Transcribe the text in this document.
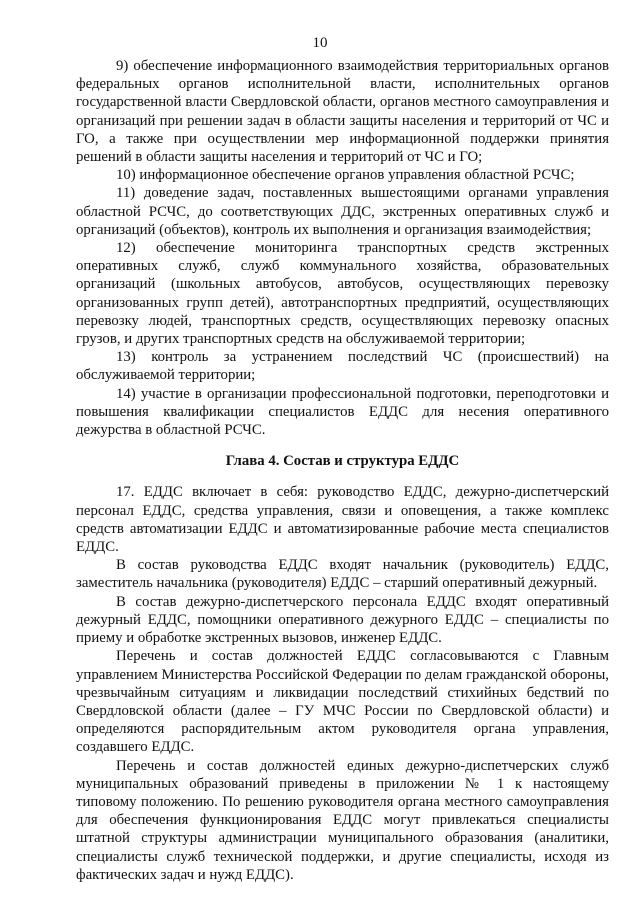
10

9) обеспечение информационного взаимодействия территориальных органов федеральных органов исполнительной власти, исполнительных органов государственной власти Свердловской области, органов местного самоуправления и организаций при решении задач в области защиты населения и территорий от ЧС и ГО, а также при осуществлении мер информационной поддержки принятия решений в области защиты населения и территорий от ЧС и ГО;

10) информационное обеспечение органов управления областной РСЧС;

11) доведение задач, поставленных вышестоящими органами управления областной РСЧС, до соответствующих ДДС, экстренных оперативных служб и организаций (объектов), контроль их выполнения и организация взаимодействия;

12) обеспечение мониторинга транспортных средств экстренных оперативных служб, служб коммунального хозяйства, образовательных организаций (школьных автобусов, автобусов, осуществляющих перевозку организованных групп детей), автотранспортных предприятий, осуществляющих перевозку людей, транспортных средств, осуществляющих перевозку опасных грузов, и других транспортных средств на обслуживаемой территории;

13) контроль за устранением последствий ЧС (происшествий) на обслуживаемой территории;

14) участие в организации профессиональной подготовки, переподготовки и повышения квалификации специалистов ЕДДС для несения оперативного дежурства в областной РСЧС.

Глава 4. Состав и структура ЕДДС

17. ЕДДС включает в себя: руководство ЕДДС, дежурно-диспетчерский персонал ЕДДС, средства управления, связи и оповещения, а также комплекс средств автоматизации ЕДДС и автоматизированные рабочие места специалистов ЕДДС.

В состав руководства ЕДДС входят начальник (руководитель) ЕДДС, заместитель начальника (руководителя) ЕДДС – старший оперативный дежурный.

В состав дежурно-диспетчерского персонала ЕДДС входят оперативный дежурный ЕДДС, помощники оперативного дежурного ЕДДС – специалисты по приему и обработке экстренных вызовов, инженер ЕДДС.

Перечень и состав должностей ЕДДС согласовываются с Главным управлением Министерства Российской Федерации по делам гражданской обороны, чрезвычайным ситуациям и ликвидации последствий стихийных бедствий по Свердловской области (далее – ГУ МЧС России по Свердловской области) и определяются распорядительным актом руководителя органа управления, создавшего ЕДДС.

Перечень и состав должностей единых дежурно-диспетчерских служб муниципальных образований приведены в приложении № 1 к настоящему типовому положению. По решению руководителя органа местного самоуправления для обеспечения функционирования ЕДДС могут привлекаться специалисты штатной структуры администрации муниципального образования (аналитики, специалисты служб технической поддержки, и другие специалисты, исходя из фактических задач и нужд ЕДДС).
